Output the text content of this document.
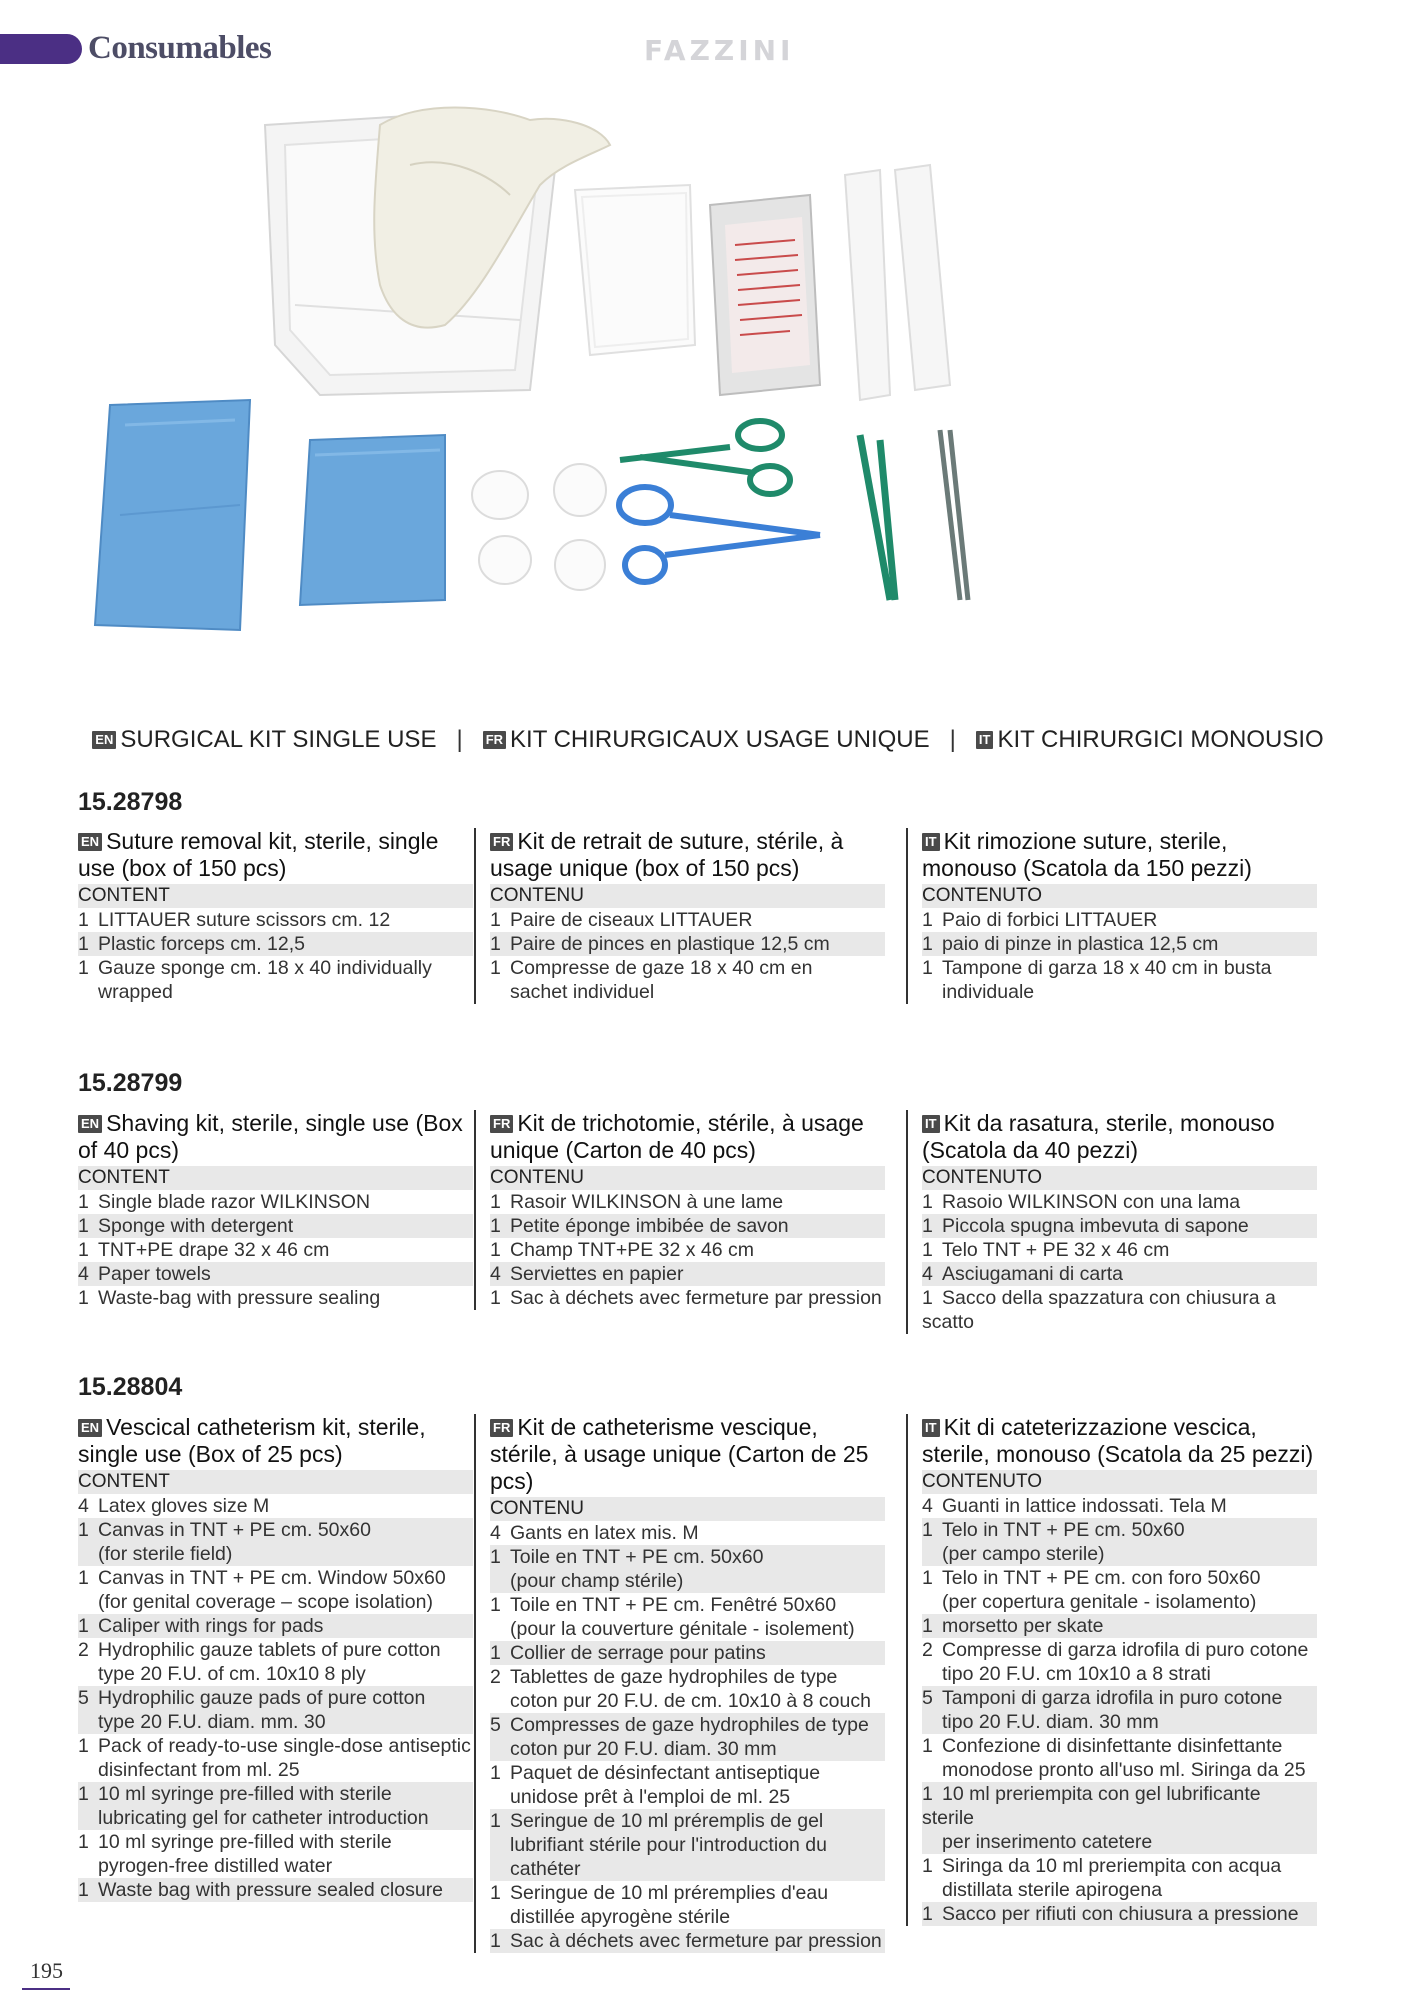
Consumables	FAZZINI
EN SURGICAL KIT SINGLE USE | FR KIT CHIRURGICAUX USAGE UNIQUE | IT KIT CHIRURGICI MONOUSIO
15.28798
EN Suture removal kit, sterile, single use (box of 150 pcs)
CONTENT
1 LITTAUER suture scissors cm. 12
1 Plastic forceps cm. 12,5
1 Gauze sponge cm. 18 x 40 individually
wrapped
FR Kit de retrait de suture, stérile, à usage unique (box of 150 pcs)
CONTENU
1 Paire de ciseaux LITTAUER
1 Paire de pinces en plastique 12,5 cm
1 Compresse de gaze 18 x 40 cm en
sachet individuel
IT Kit rimozione suture, sterile, monouso (Scatola da 150 pezzi)
CONTENUTO
1 Paio di forbici LITTAUER
1 paio di pinze in plastica 12,5 cm
1 Tampone di garza 18 x 40 cm in busta
individuale
15.28799
EN Shaving kit, sterile, single use (Box of 40 pcs)
CONTENT
1 Single blade razor WILKINSON
1 Sponge with detergent
1 TNT+PE drape 32 x 46 cm
4 Paper towels
1 Waste-bag with pressure sealing
FR Kit de trichotomie, stérile, à usage unique (Carton de 40 pcs)
CONTENU
1 Rasoir WILKINSON à une lame
1 Petite éponge imbibée de savon
1 Champ TNT+PE 32 x 46 cm
4 Serviettes en papier
1 Sac à déchets avec fermeture par pression
IT Kit da rasatura, sterile, monouso (Scatola da 40 pezzi)
CONTENUTO
1 Rasoio WILKINSON con una lama
1 Piccola spugna imbevuta di sapone
1 Telo TNT + PE 32 x 46 cm
4 Asciugamani di carta
1 Sacco della spazzatura con chiusura a scatto
15.28804
EN Vescical catheterism kit, sterile, single use (Box of 25 pcs)
CONTENT
4 Latex gloves size M
1 Canvas in TNT + PE cm. 50x60
(for sterile field)
1 Canvas in TNT + PE cm. Window 50x60
(for genital coverage – scope isolation)
1 Caliper with rings for pads
2 Hydrophilic gauze tablets of pure cotton
type 20 F.U. of cm. 10x10 8 ply
5 Hydrophilic gauze pads of pure cotton
type 20 F.U. diam. mm. 30
1 Pack of ready-to-use single-dose antiseptic
disinfectant from ml. 25
1 10 ml syringe pre-filled with sterile
lubricating gel for catheter introduction
1 10 ml syringe pre-filled with sterile
pyrogen-free distilled water
1 Waste bag with pressure sealed closure
FR Kit de catheterisme vescique, stérile, à usage unique (Carton de 25 pcs)
CONTENU
4 Gants en latex mis. M
1 Toile en TNT + PE cm. 50x60
(pour champ stérile)
1 Toile en TNT + PE cm. Fenêtré 50x60
(pour la couverture génitale - isolement)
1 Collier de serrage pour patins
2 Tablettes de gaze hydrophiles de type
coton pur 20 F.U. de cm. 10x10 à 8 couch
5 Compresses de gaze hydrophiles de type
coton pur 20 F.U. diam. 30 mm
1 Paquet de désinfectant antiseptique
unidose prêt à l'emploi de ml. 25
1 Seringue de 10 ml préremplis de gel
lubrifiant stérile pour l'introduction du cathéter
1 Seringue de 10 ml préremplies d'eau
distillée apyrogène stérile
1 Sac à déchets avec fermeture par pression
IT Kit di cateterizzazione vescica, sterile, monouso (Scatola da 25 pezzi)
CONTENUTO
4 Guanti in lattice indossati. Tela M
1 Telo in TNT + PE cm. 50x60
(per campo sterile)
1 Telo in TNT + PE cm. con foro 50x60
(per copertura genitale - isolamento)
1 morsetto per skate
2 Compresse di garza idrofila di puro cotone
tipo 20 F.U. cm 10x10 a 8 strati
5 Tamponi di garza idrofila in puro cotone
tipo 20 F.U. diam. 30 mm
1 Confezione di disinfettante disinfettante
monodose pronto all'uso ml. Siringa da 25
1 10 ml preriempita con gel lubrificante sterile
per inserimento catetere
1 Siringa da 10 ml preriempita con acqua
distillata sterile apirogena
1 Sacco per rifiuti con chiusura a pressione
195
